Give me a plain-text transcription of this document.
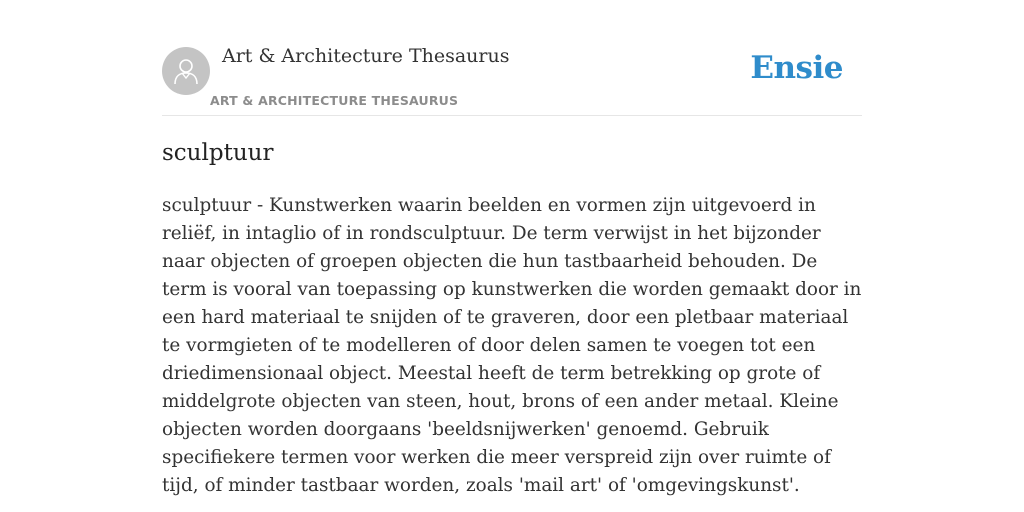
Art & Architecture Thesaurus
ART & ARCHITECTURE THESAURUS
Ensie
sculptuur

sculptuur - Kunstwerken waarin beelden en vormen zijn uitgevoerd in reliëf, in intaglio of in rondsculptuur. De term verwijst in het bijzonder naar objecten of groepen objecten die hun tastbaarheid behouden. De term is vooral van toepassing op kunstwerken die worden gemaakt door in een hard materiaal te snijden of te graveren, door een pletbaar materiaal te vormgieten of te modelleren of door delen samen te voegen tot een driedimensionaal object. Meestal heeft de term betrekking op grote of middelgrote objecten van steen, hout, brons of een ander metaal. Kleine objecten worden doorgaans 'beeldsnijwerken' genoemd. Gebruik specifiekere termen voor werken die meer verspreid zijn over ruimte of tijd, of minder tastbaar worden, zoals 'mail art' of 'omgevingskunst'.
